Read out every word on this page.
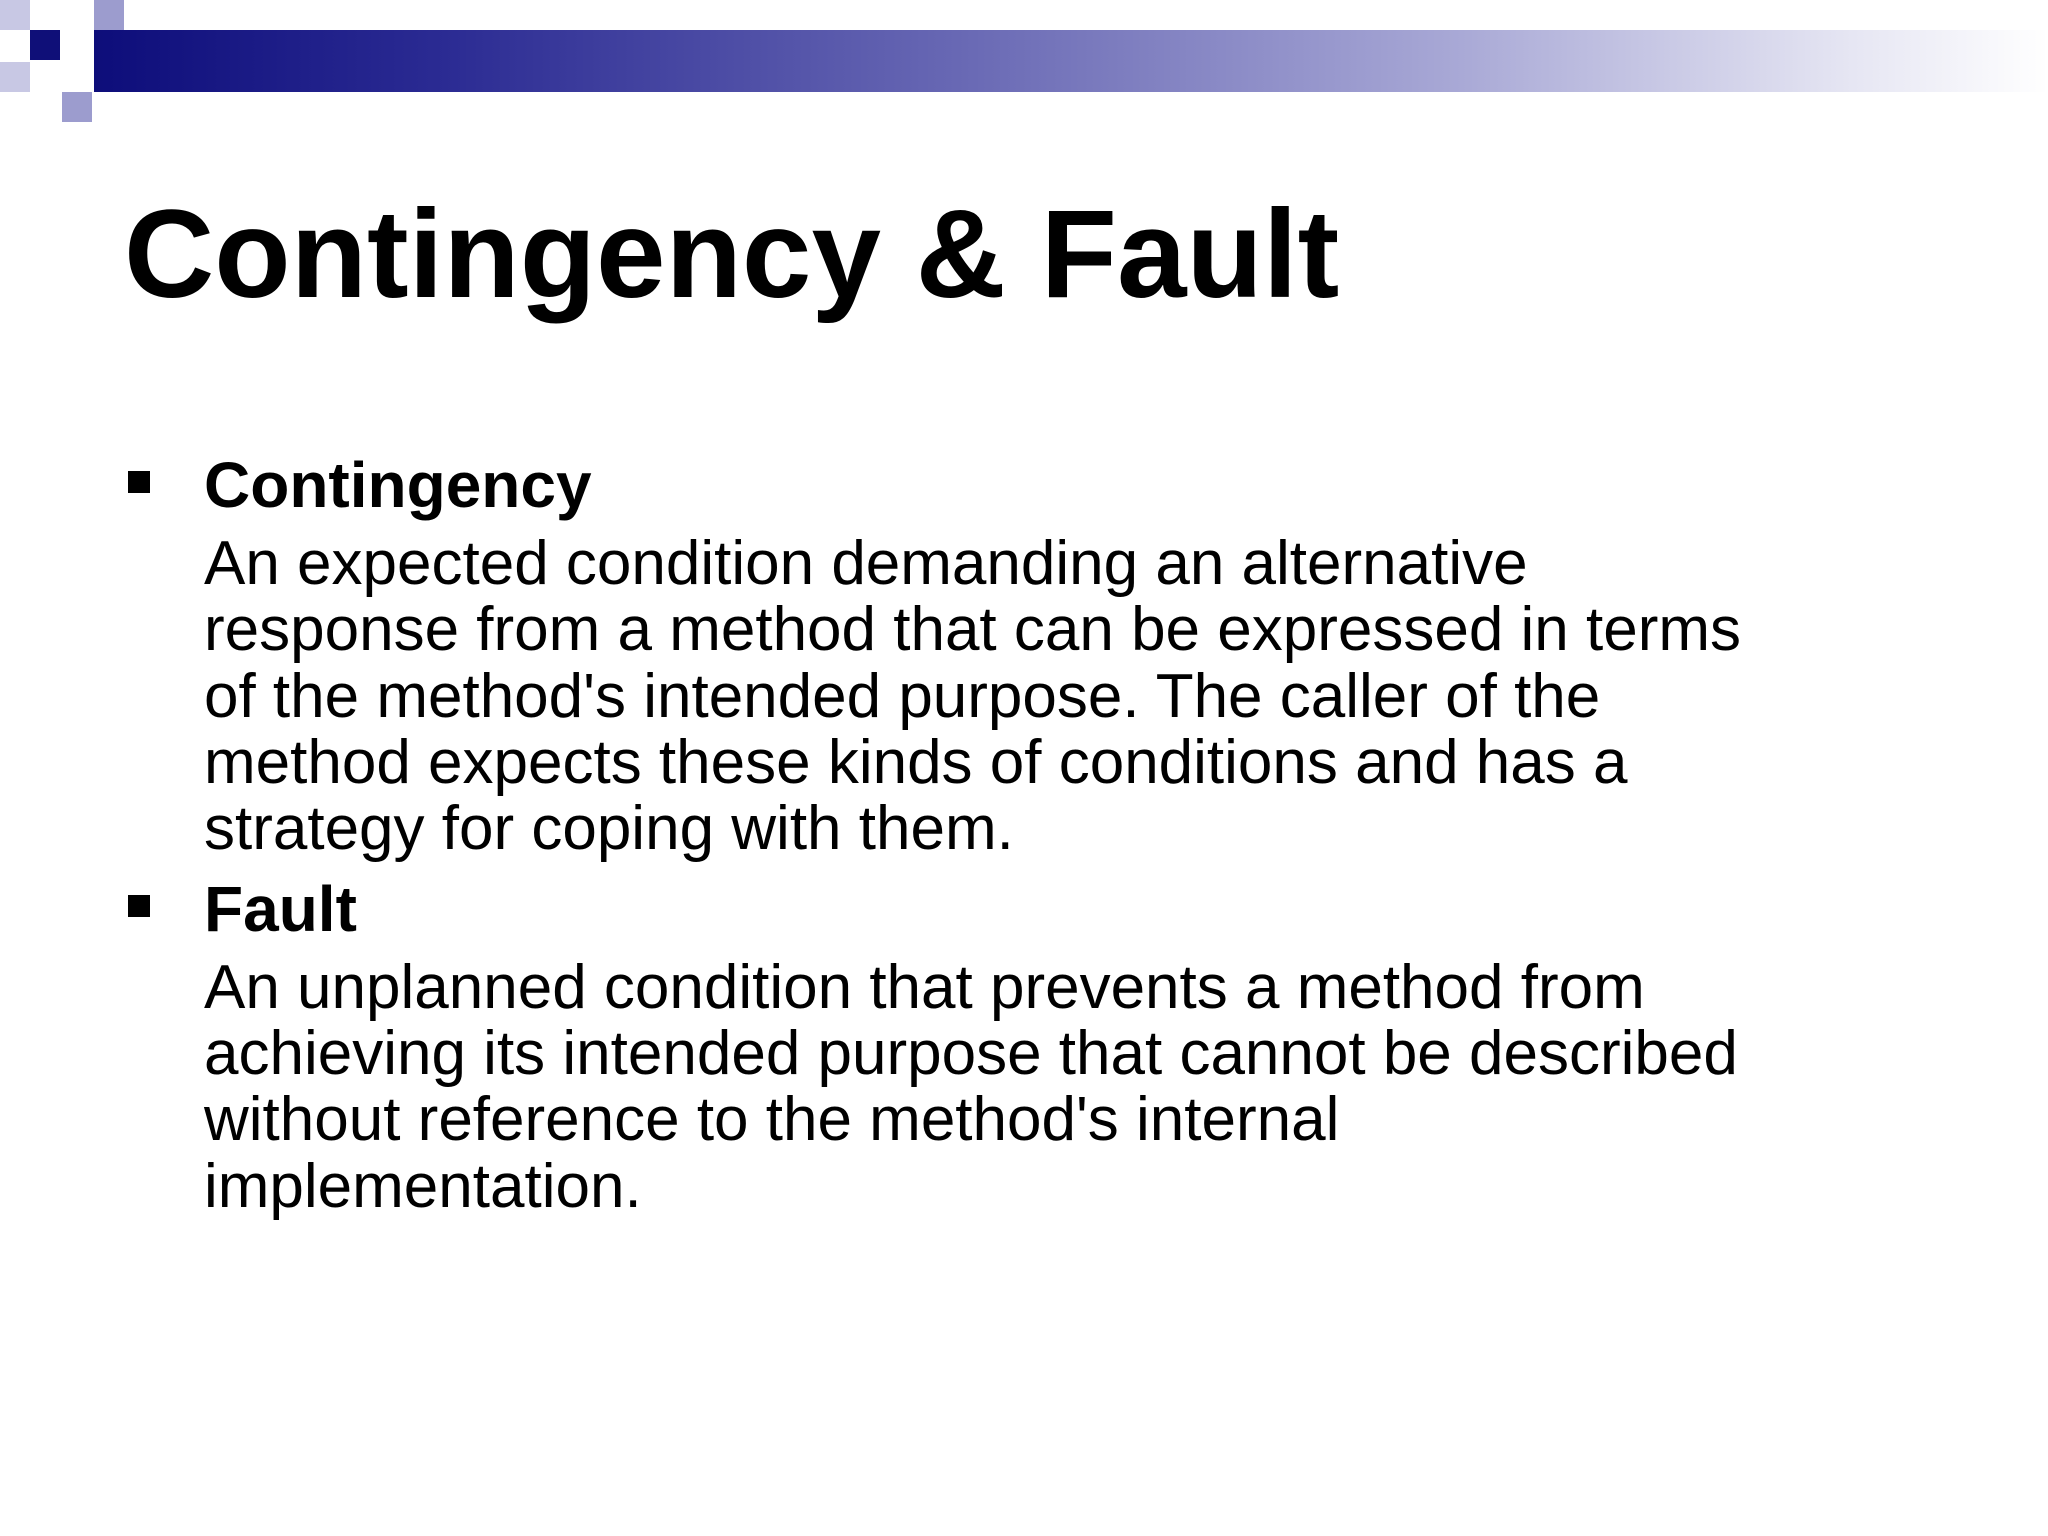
Contingency & Fault
Contingency
An expected condition demanding an alternative
response from a method that can be expressed in terms
of the method's intended purpose. The caller of the
method expects these kinds of conditions and has a
strategy for coping with them.
Fault
An unplanned condition that prevents a method from
achieving its intended purpose that cannot be described
without reference to the method's internal
implementation.
